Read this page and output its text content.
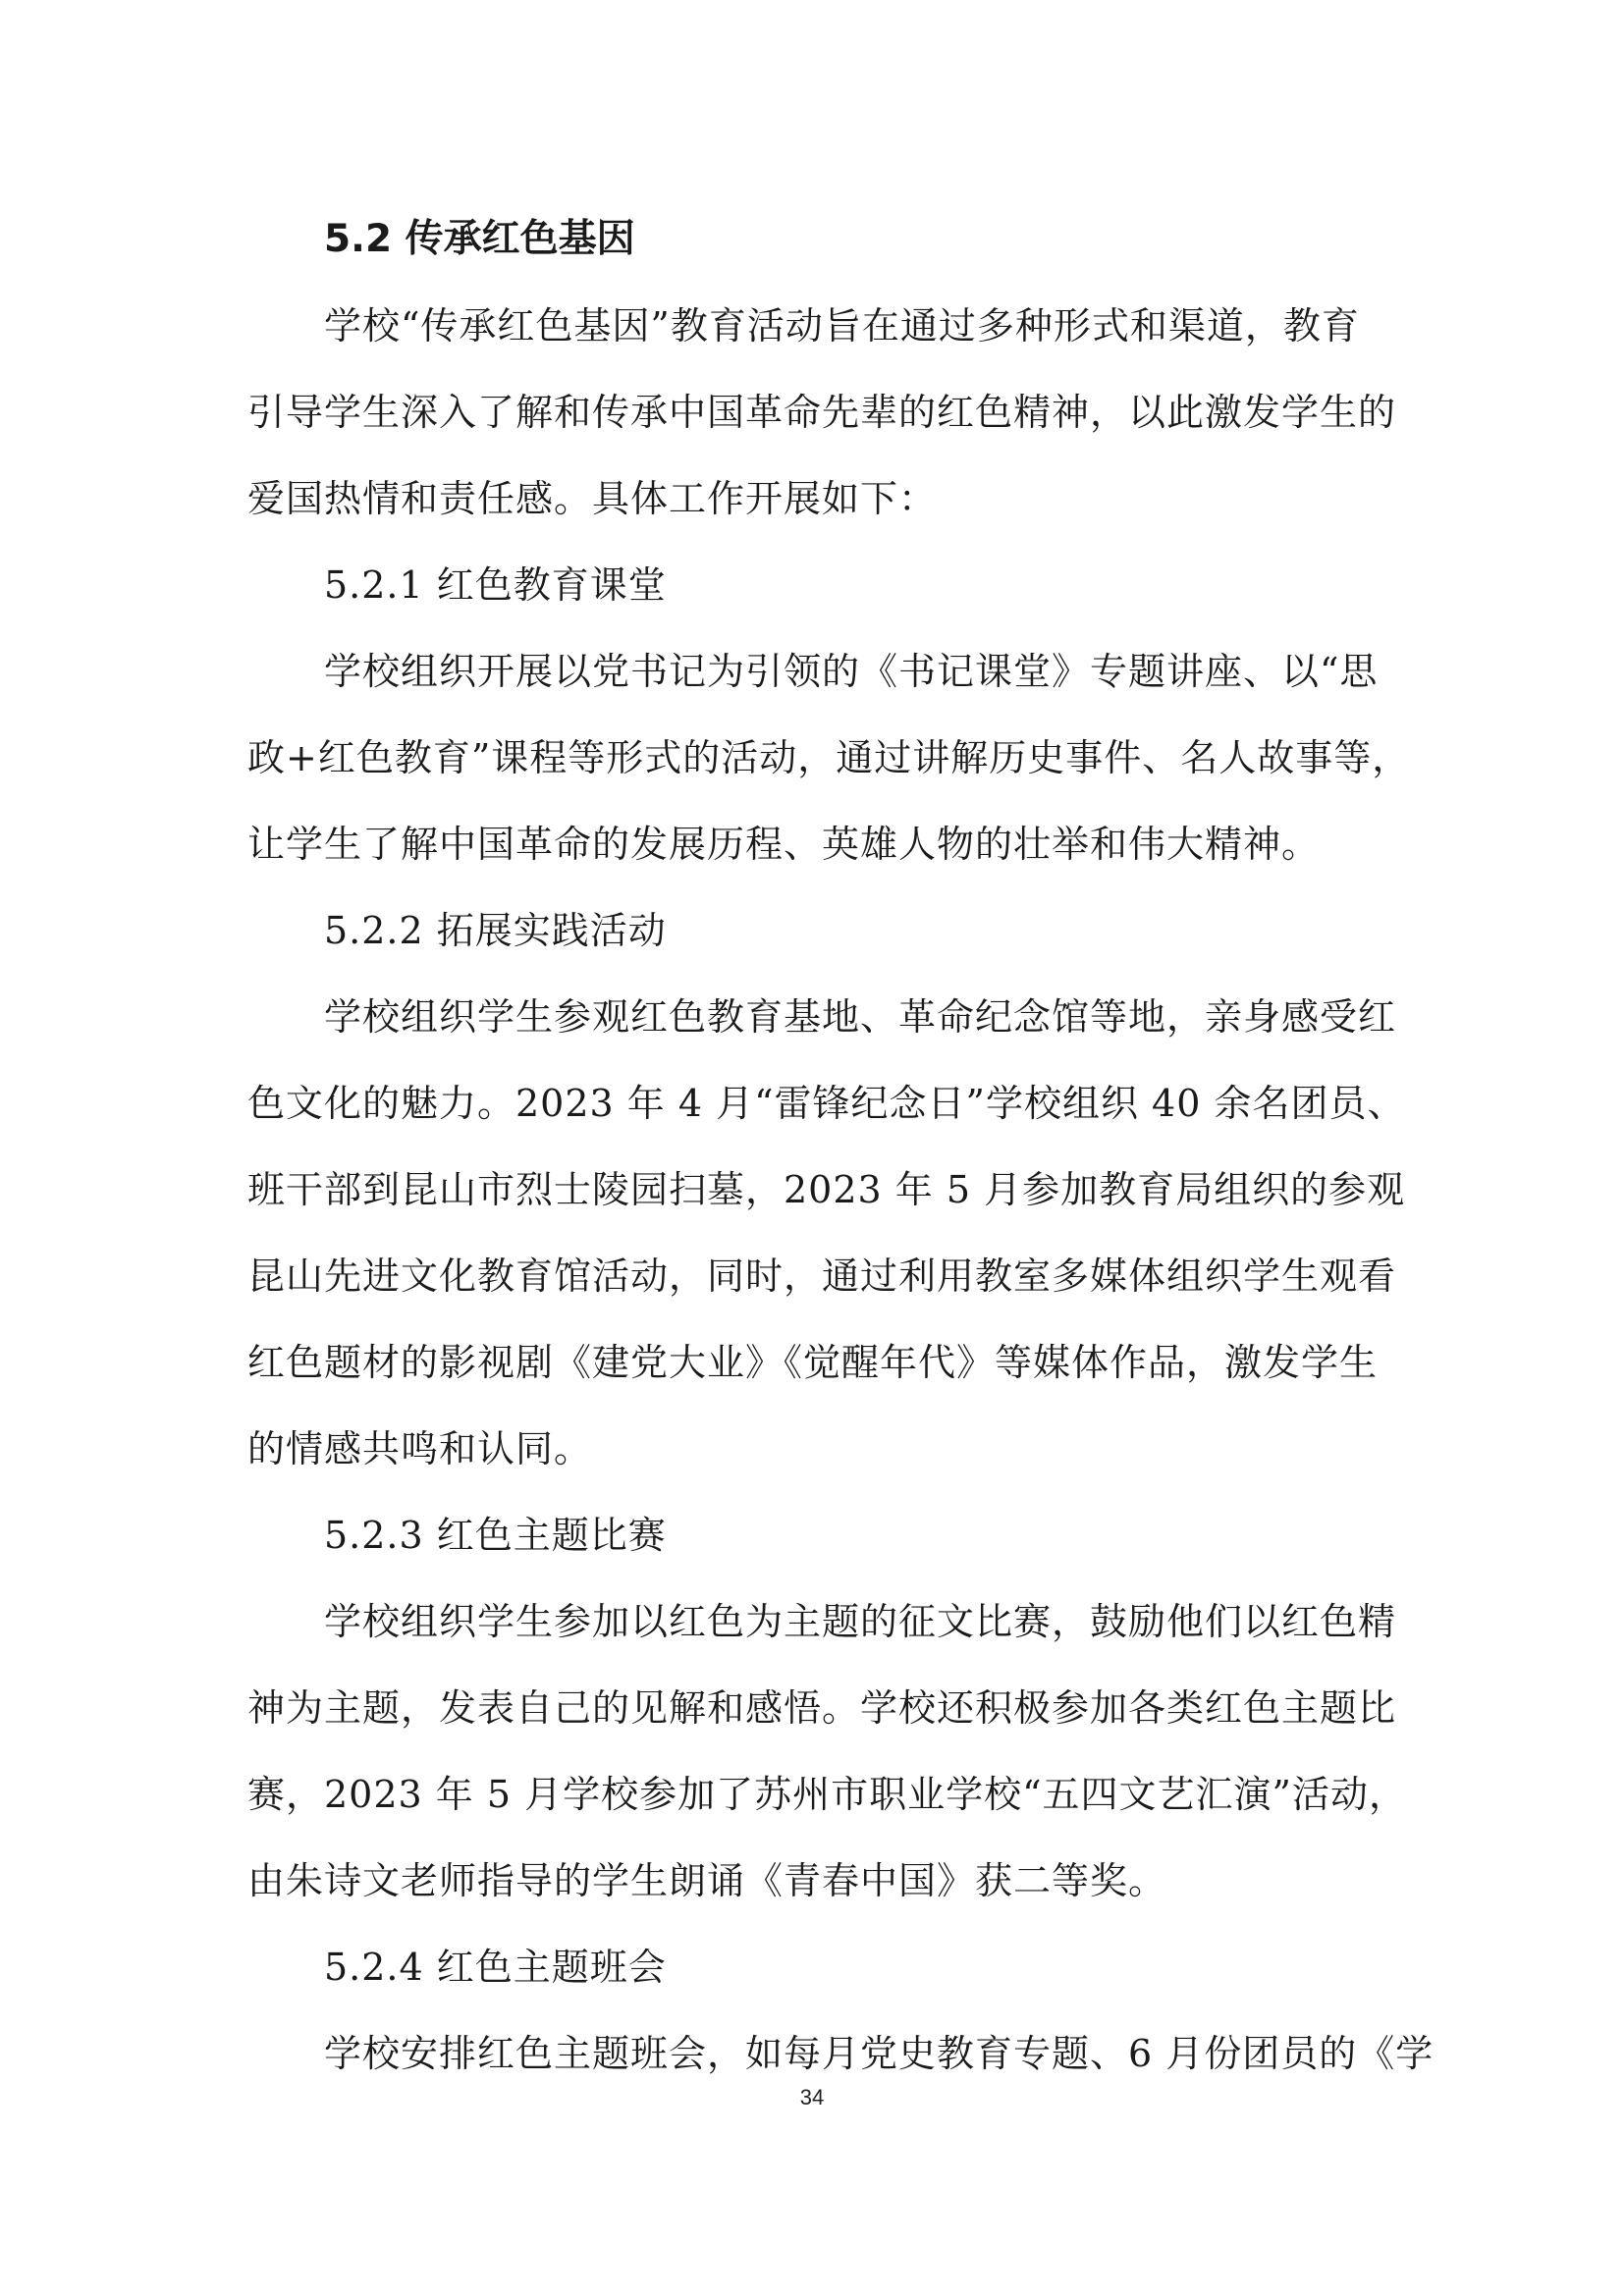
5.2 传承红色基因
学校“传承红色基因”教育活动旨在通过多种形式和渠道，教育
引导学生深入了解和传承中国革命先辈的红色精神，以此激发学生的
爱国热情和责任感。具体工作开展如下：
5.2.1 红色教育课堂
学校组织开展以党书记为引领的《书记课堂》专题讲座、以“思
政+红色教育”课程等形式的活动，通过讲解历史事件、名人故事等，
让学生了解中国革命的发展历程、英雄人物的壮举和伟大精神。
5.2.2 拓展实践活动
学校组织学生参观红色教育基地、革命纪念馆等地，亲身感受红
色文化的魅力。2023 年 4 月“雷锋纪念日”学校组织 40 余名团员、
班干部到昆山市烈士陵园扫墓，2023 年 5 月参加教育局组织的参观
昆山先进文化教育馆活动，同时，通过利用教室多媒体组织学生观看
红色题材的影视剧《建党大业》《觉醒年代》等媒体作品，激发学生
的情感共鸣和认同。
5.2.3 红色主题比赛
学校组织学生参加以红色为主题的征文比赛，鼓励他们以红色精
神为主题，发表自己的见解和感悟。学校还积极参加各类红色主题比
赛，2023 年 5 月学校参加了苏州市职业学校“五四文艺汇演”活动，
由朱诗文老师指导的学生朗诵《青春中国》获二等奖。
5.2.4 红色主题班会
学校安排红色主题班会，如每月党史教育专题、6 月份团员的《学
34
